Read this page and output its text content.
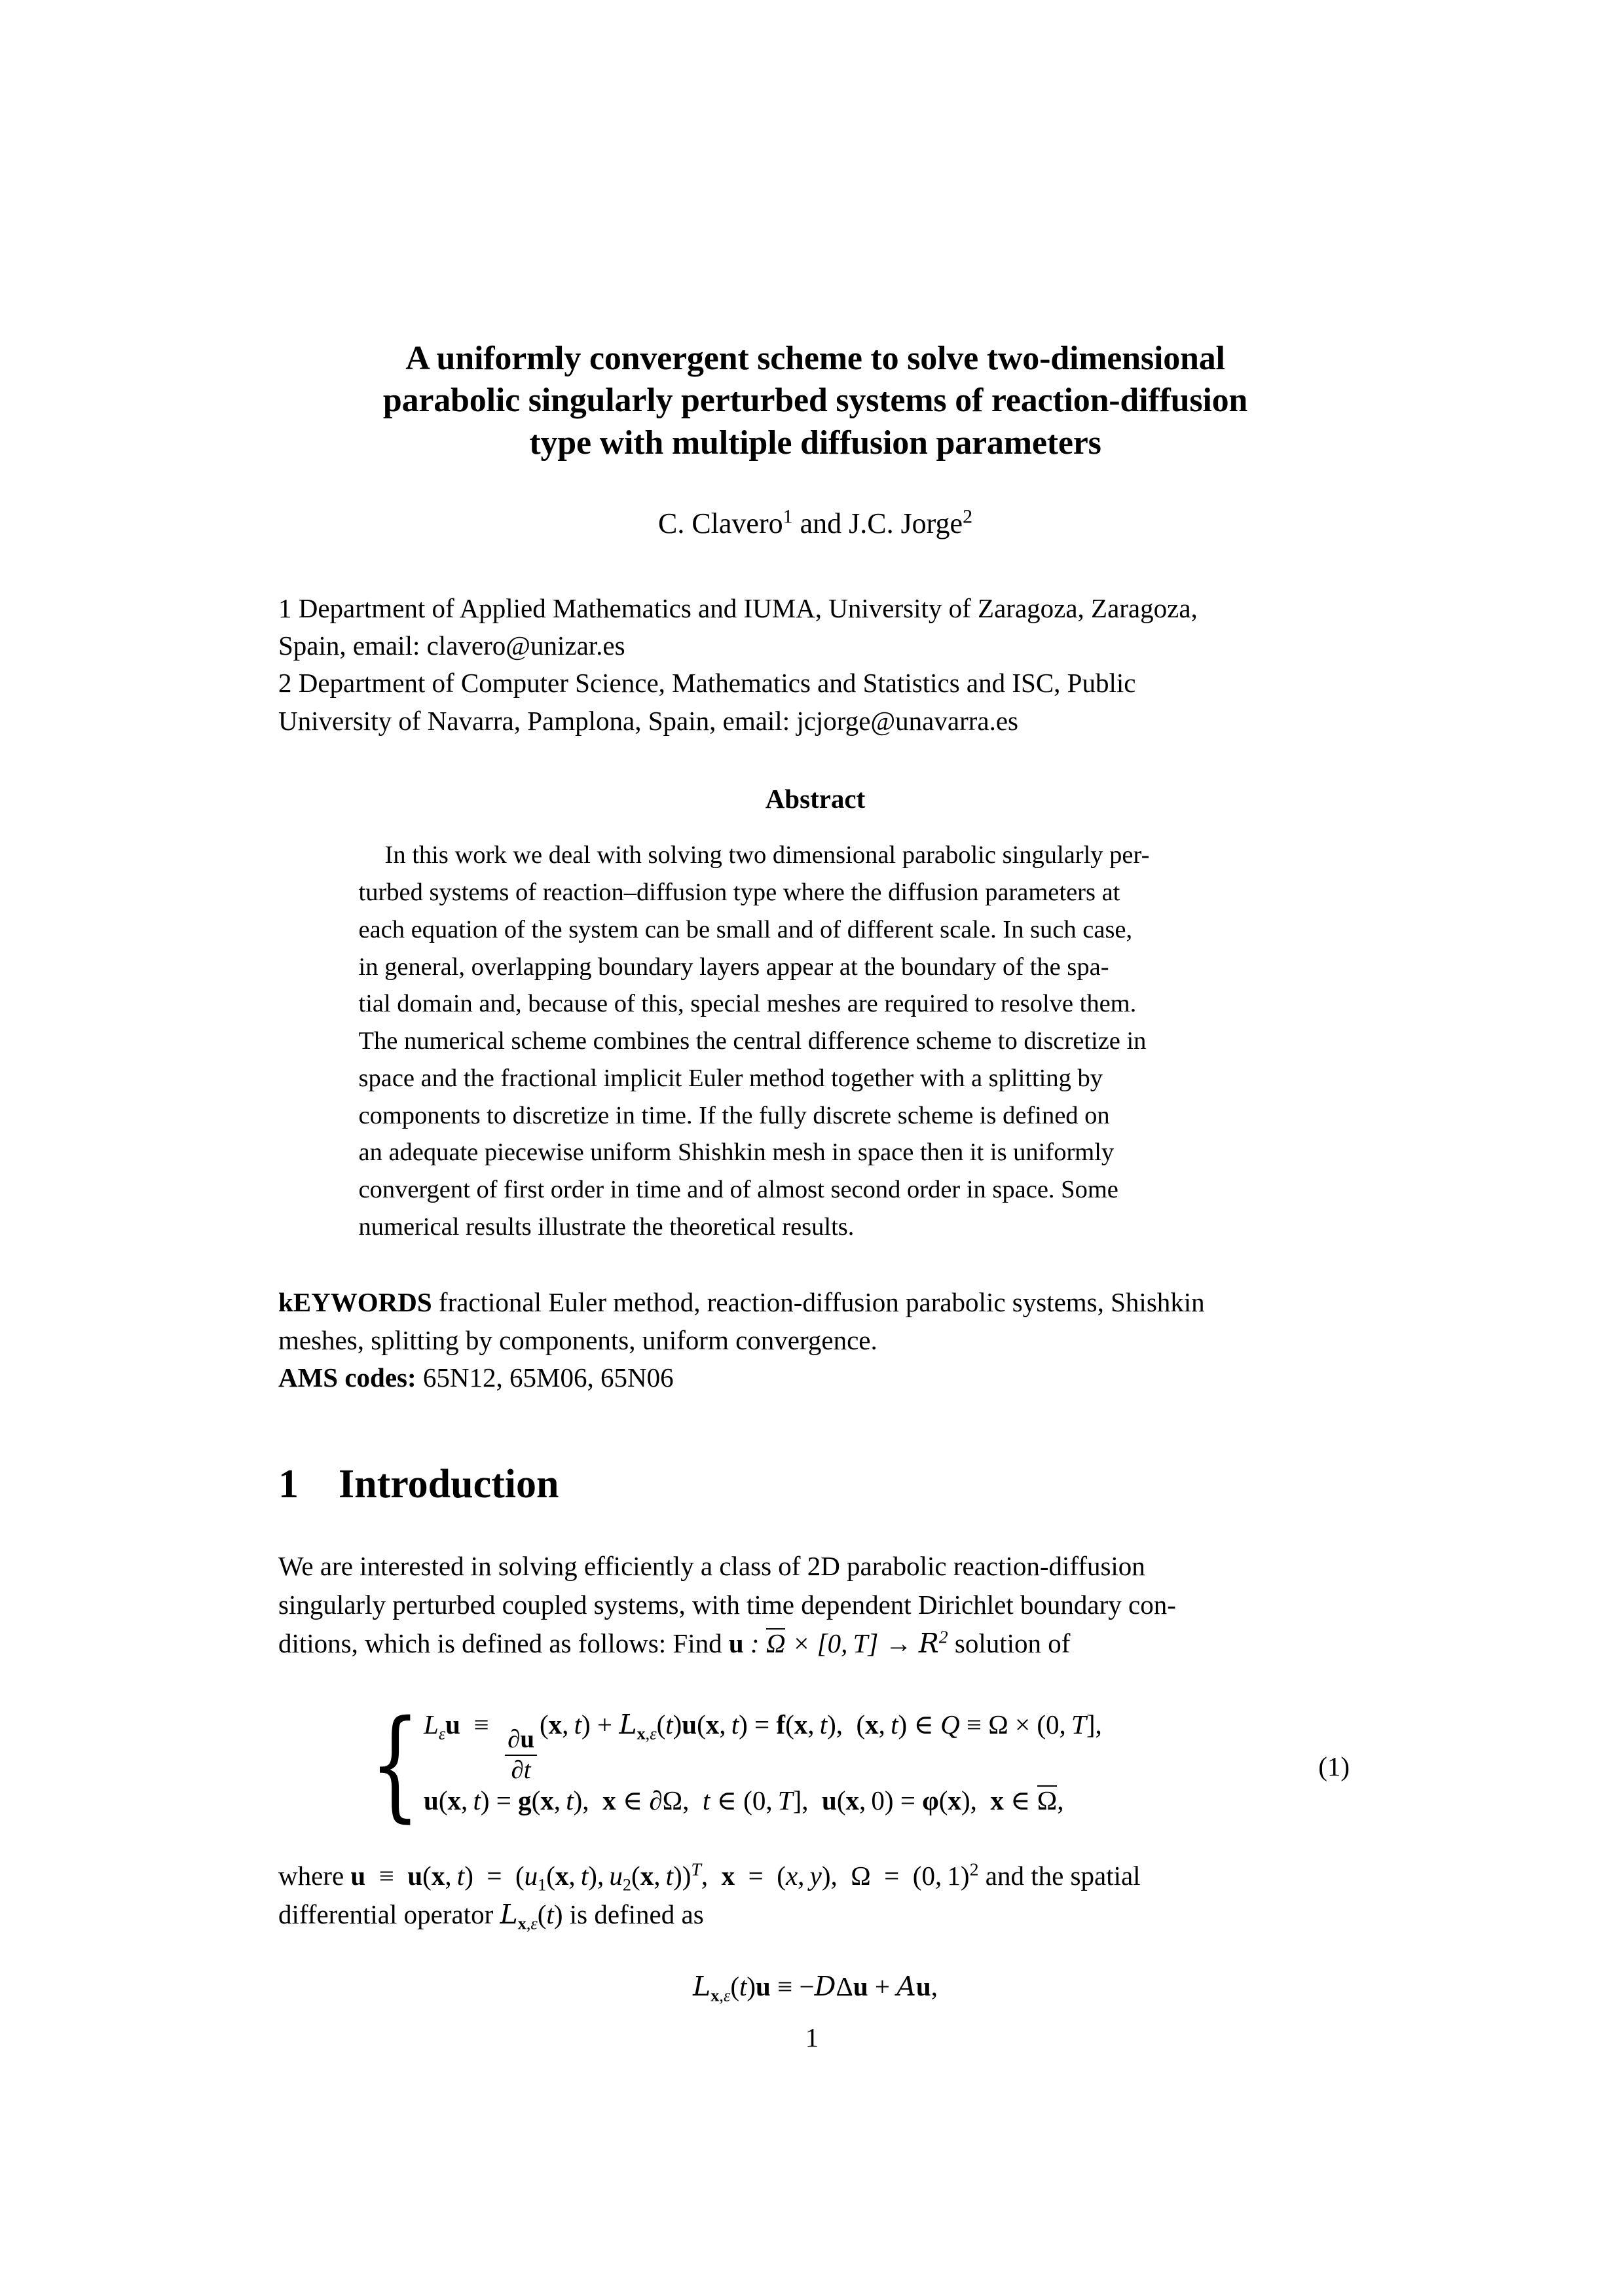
A uniformly convergent scheme to solve two-dimensional
parabolic singularly perturbed systems of reaction-diffusion
type with multiple diffusion parameters
C. Clavero$^1$ and J.C. Jorge$^2$
1 Department of Applied Mathematics and IUMA, University of Zaragoza, Zaragoza,
Spain, email: clavero@unizar.es
2 Department of Computer Science, Mathematics and Statistics and ISC, Public
University of Navarra, Pamplona, Spain, email: jcjorge@unavarra.es
Abstract
In this work we deal with solving two dimensional parabolic singularly per-
turbed systems of reaction–diffusion type where the diffusion parameters at
each equation of the system can be small and of different scale. In such case,
in general, overlapping boundary layers appear at the boundary of the spa-
tial domain and, because of this, special meshes are required to resolve them.
The numerical scheme combines the central difference scheme to discretize in
space and the fractional implicit Euler method together with a splitting by
components to discretize in time. If the fully discrete scheme is defined on
an adequate piecewise uniform Shishkin mesh in space then it is uniformly
convergent of first order in time and of almost second order in space. Some
numerical results illustrate the theoretical results.
kEYWORDS fractional Euler method, reaction-diffusion parabolic systems, Shishkin
meshes, splitting by components, uniform convergence.
AMS codes: 65N12, 65M06, 65N06
1 Introduction
We are interested in solving efficiently a class of 2D parabolic reaction-diffusion
singularly perturbed coupled systems, with time dependent Dirichlet boundary con-
ditions, which is defined as follows: Find u : Ω × [0, $T] \to R^2$ solution of
{ $L_\varepsilon u$  ≡
$\frac{\partial u}{\partial t}$
(x, $t) + L_{x,\varepsilon}(t)u(x$, t) = f(x, t),  (x, t) ∈ Q ≡ Ω × (0, T],
u(x, t) = g(x, t),  x ∈ ∂Ω,  t ∈ (0, T],  u(x, 0) = φ(x),  x ∈ Ω,
(1)
where u  ≡  u(x, $t) = (u_1(x$, t), $u_2(x$, t))$^T$,  x  =  (x, y),  Ω  =  (0, 1)$^2$ and the spatial
differential operator $L_{x,\varepsilon}(t)$ is defined as
$L_{x,\varepsilon}(t)u \equiv -D\Delta u + Au$,
1
